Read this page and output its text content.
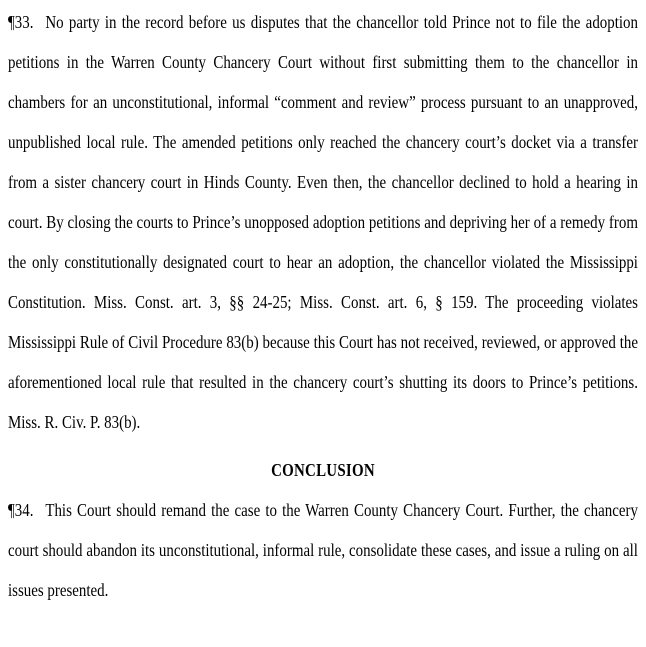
¶33. No party in the record before us disputes that the chancellor told Prince not to file the adoption petitions in the Warren County Chancery Court without first submitting them to the chancellor in chambers for an unconstitutional, informal “comment and review” process pursuant to an unapproved, unpublished local rule. The amended petitions only reached the chancery court’s docket via a transfer from a sister chancery court in Hinds County. Even then, the chancellor declined to hold a hearing in court. By closing the courts to Prince’s unopposed adoption petitions and depriving her of a remedy from the only constitutionally designated court to hear an adoption, the chancellor violated the Mississippi Constitution. Miss. Const. art. 3, §§ 24-25; Miss. Const. art. 6, § 159. The proceeding violates Mississippi Rule of Civil Procedure 83(b) because this Court has not received, reviewed, or approved the aforementioned local rule that resulted in the chancery court’s shutting its doors to Prince’s petitions. Miss. R. Civ. P. 83(b).

CONCLUSION

¶34. This Court should remand the case to the Warren County Chancery Court. Further, the chancery court should abandon its unconstitutional, informal rule, consolidate these cases, and issue a ruling on all issues presented.
